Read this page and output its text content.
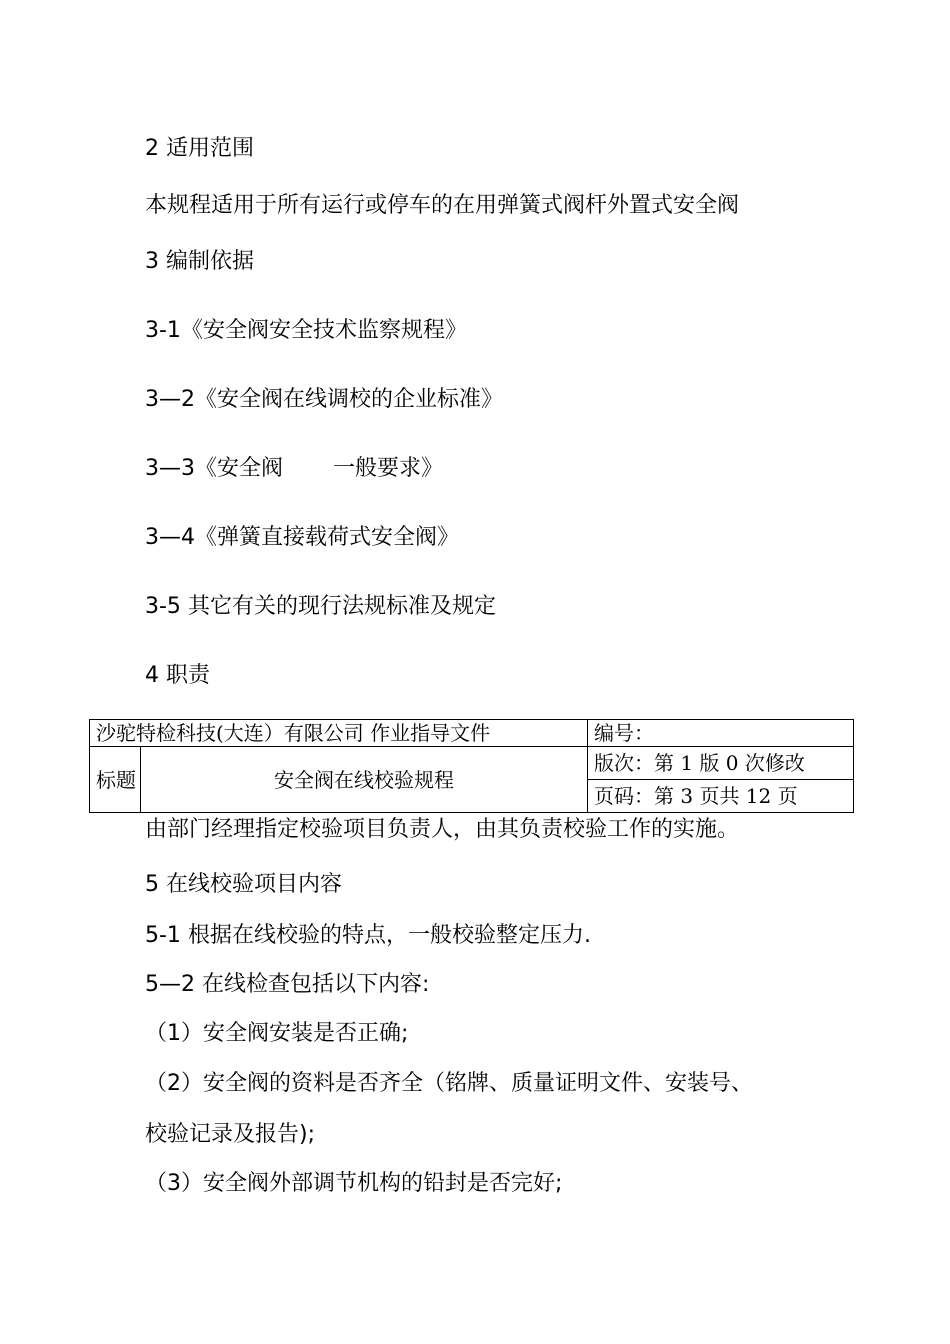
2 适用范围
本规程适用于所有运行或停车的在用弹簧式阀杆外置式安全阀
3 编制依据
3-1《安全阀安全技术监察规程》
3—2《安全阀在线调校的企业标准》
3—3《安全阀 一般要求》
3—4《弹簧直接载荷式安全阀》
3-5 其它有关的现行法规标准及规定
4 职责
沙驼特检科技(大连）有限公司 作业指导文件		编号：
标题	安全阀在线校验规程	版次：第 1 版 0 次修改
		页码：第 3 页共 12 页
由部门经理指定校验项目负责人，由其负责校验工作的实施。
5 在线校验项目内容
5-1 根据在线校验的特点，一般校验整定压力.
5—2 在线检查包括以下内容:
（1）安全阀安装是否正确;
（2）安全阀的资料是否齐全（铭牌、质量证明文件、安装号、
校验记录及报告);
（3）安全阀外部调节机构的铅封是否完好;
